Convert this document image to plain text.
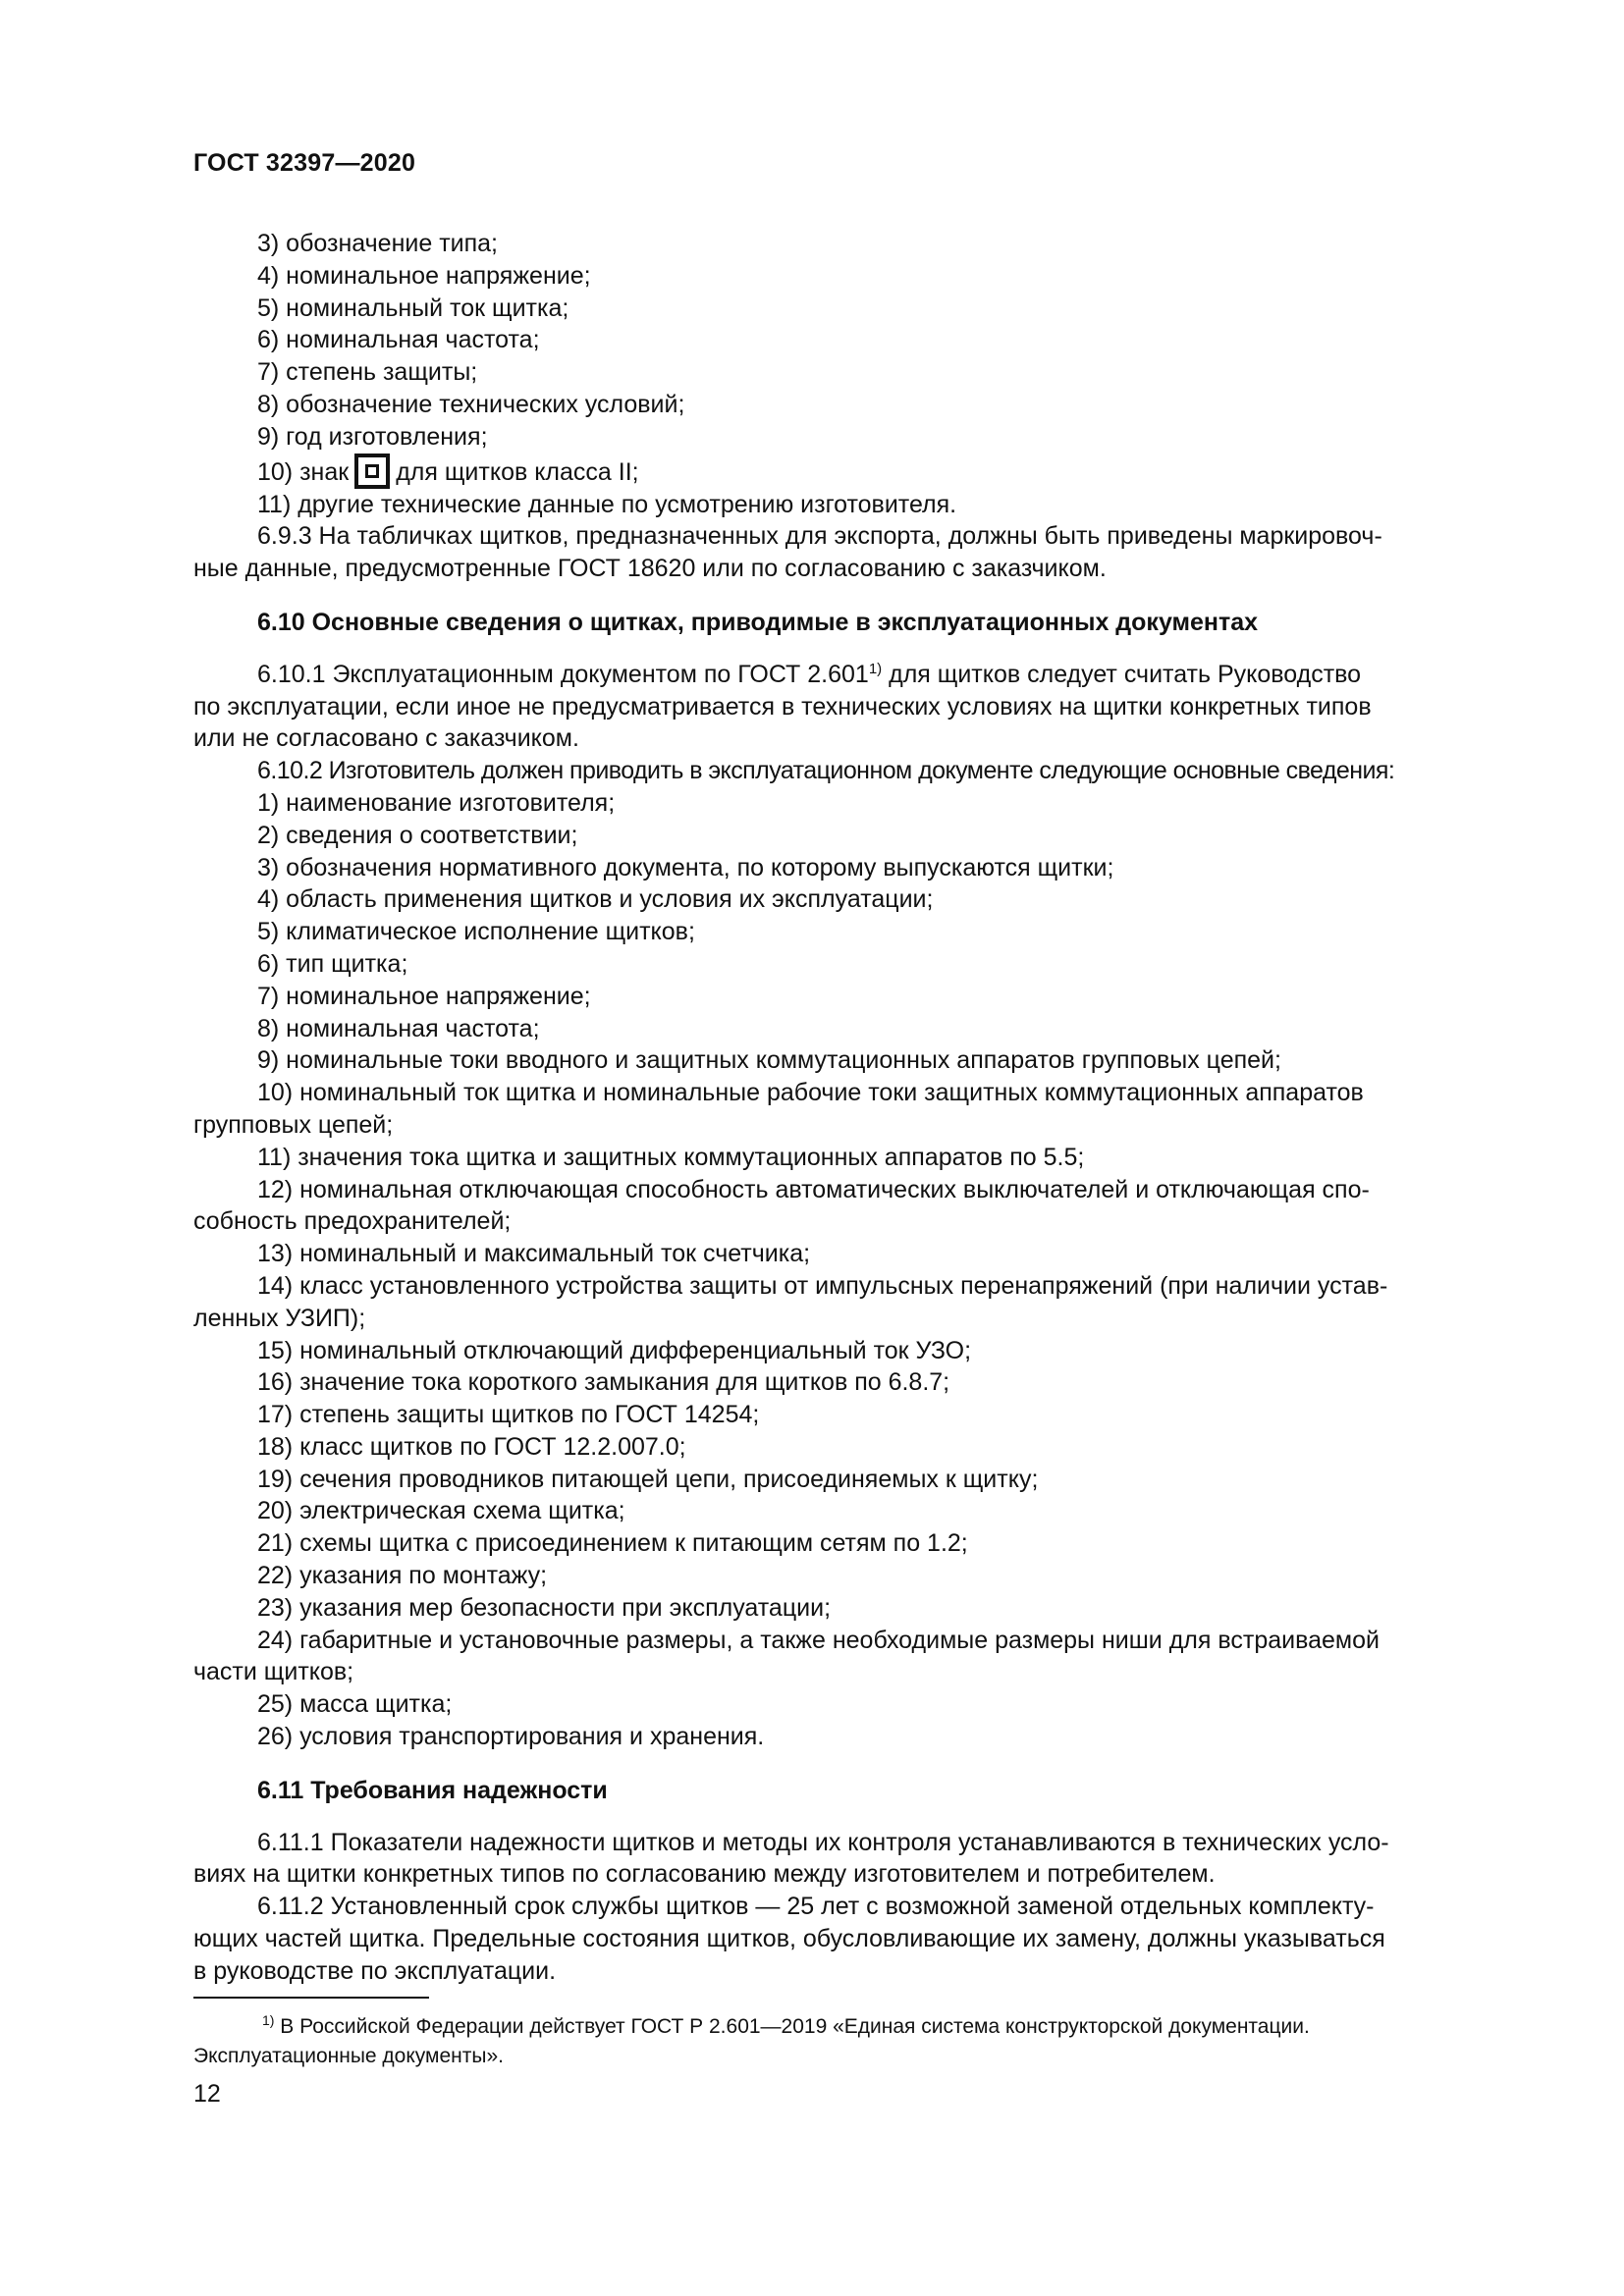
ГОСТ 32397—2020
3) обозначение типа;
4) номинальное напряжение;
5) номинальный ток щитка;
6) номинальная частота;
7) степень защиты;
8) обозначение технических условий;
9) год изготовления;
10) знак для щитков класса II;
11) другие технические данные по усмотрению изготовителя.
6.9.3 На табличках щитков, предназначенных для экспорта, должны быть приведены маркировоч-
ные данные, предусмотренные ГОСТ 18620 или по согласованию с заказчиком.
6.10 Основные сведения о щитках, приводимые в эксплуатационных документах
6.10.1 Эксплуатационным документом по ГОСТ 2.601$^{1)}$ для щитков следует считать Руководство
по эксплуатации, если иное не предусматривается в технических условиях на щитки конкретных типов
или не согласовано с заказчиком.
6.10.2 Изготовитель должен приводить в эксплуатационном документе следующие основные сведения:
1) наименование изготовителя;
2) сведения о соответствии;
3) обозначения нормативного документа, по которому выпускаются щитки;
4) область применения щитков и условия их эксплуатации;
5) климатическое исполнение щитков;
6) тип щитка;
7) номинальное напряжение;
8) номинальная частота;
9) номинальные токи вводного и защитных коммутационных аппаратов групповых цепей;
10) номинальный ток щитка и номинальные рабочие токи защитных коммутационных аппаратов
групповых цепей;
11) значения тока щитка и защитных коммутационных аппаратов по 5.5;
12) номинальная отключающая способность автоматических выключателей и отключающая спо-
собность предохранителей;
13) номинальный и максимальный ток счетчика;
14) класс установленного устройства защиты от импульсных перенапряжений (при наличии устав-
ленных УЗИП);
15) номинальный отключающий дифференциальный ток УЗО;
16) значение тока короткого замыкания для щитков по 6.8.7;
17) степень защиты щитков по ГОСТ 14254;
18) класс щитков по ГОСТ 12.2.007.0;
19) сечения проводников питающей цепи, присоединяемых к щитку;
20) электрическая схема щитка;
21) схемы щитка с присоединением к питающим сетям по 1.2;
22) указания по монтажу;
23) указания мер безопасности при эксплуатации;
24) габаритные и установочные размеры, а также необходимые размеры ниши для встраиваемой
части щитков;
25) масса щитка;
26) условия транспортирования и хранения.
6.11 Требования надежности
6.11.1 Показатели надежности щитков и методы их контроля устанавливаются в технических усло-
виях на щитки конкретных типов по согласованию между изготовителем и потребителем.
6.11.2 Установленный срок службы щитков — 25 лет с возможной заменой отдельных комплекту-
ющих частей щитка. Предельные состояния щитков, обусловливающие их замену, должны указываться
в руководстве по эксплуатации.
$^{1)}$ В Российской Федерации действует ГОСТ Р 2.601—2019 «Единая система конструкторской документации.
Эксплуатационные документы».
12
